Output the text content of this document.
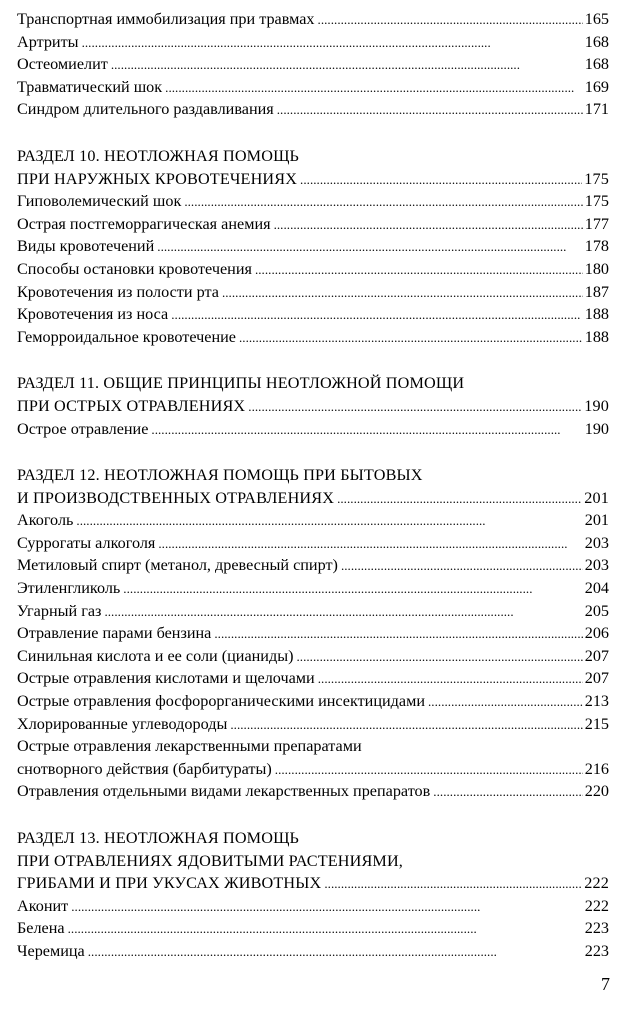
Транспортная иммобилизация при травмах . . .	165
Артриты . . .	168
Остеомиелит . . .	168
Травматический шок . . .	169
Синдром длительного раздавливания . . .	171
РАЗДЕЛ 10. НЕОТЛОЖНАЯ ПОМОЩЬ
ПРИ НАРУЖНЫХ КРОВОТЕЧЕНИЯХ . . .	175
Гиповолемический шок . . .	175
Острая постгеморрагическая анемия . . .	177
Виды кровотечений . . .	178
Способы остановки кровотечения . . .	180
Кровотечения из полости рта . . .	187
Кровотечения из носа . . .	188
Геморроидальное кровотечение . . .	188
РАЗДЕЛ 11. ОБЩИЕ ПРИНЦИПЫ НЕОТЛОЖНОЙ ПОМОЩИ
ПРИ ОСТРЫХ ОТРАВЛЕНИЯХ . . .	190
Острое отравление . . .	190
РАЗДЕЛ 12. НЕОТЛОЖНАЯ ПОМОЩЬ ПРИ БЫТОВЫХ
И ПРОИЗВОДСТВЕННЫХ ОТРАВЛЕНИЯХ . . .	201
Акоголь . . .	201
Суррогаты алкоголя . . .	203
Метиловый спирт (метанол, древесный спирт) . . .	203
Этиленгликоль . . .	204
Угарный газ . . .	205
Отравление парами бензина . . .	206
Синильная кислота и ее соли (цианиды) . . .	207
Острые отравления кислотами и щелочами . . .	207
Острые отравления фосфорорганическими инсектицидами . . .	213
Хлорированные углеводороды . . .	215
Острые отравления лекарственными препаратами
снотворного действия (барбитураты) . . .	216
Отравления отдельными видами лекарственных препаратов . . .	220
РАЗДЕЛ 13. НЕОТЛОЖНАЯ ПОМОЩЬ
ПРИ ОТРАВЛЕНИЯХ ЯДОВИТЫМИ РАСТЕНИЯМИ,
ГРИБАМИ И ПРИ УКУСАХ ЖИВОТНЫХ . . .	222
Аконит . . .	222
Белена . . .	223
Черемица . . .	223
7
